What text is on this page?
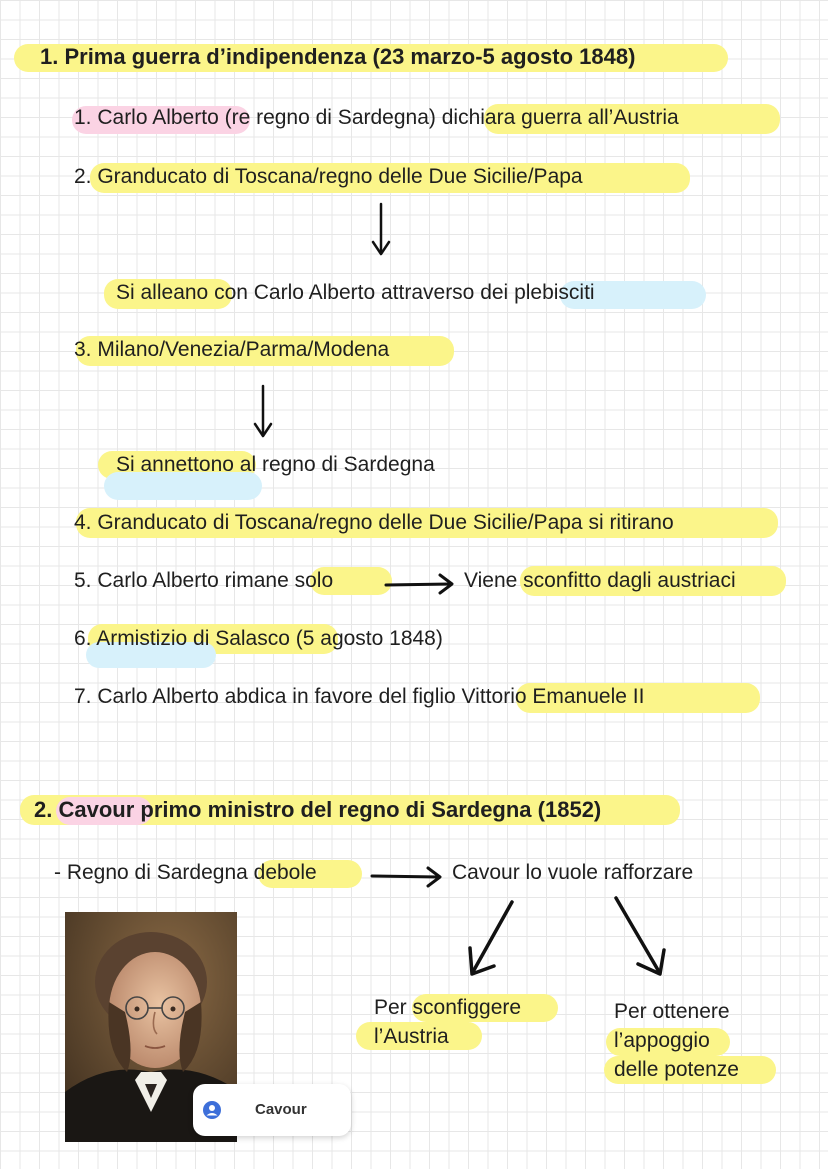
1. Prima guerra d’indipendenza (23 marzo-5 agosto 1848)
1. Carlo Alberto (re regno di Sardegna) dichiara guerra all’Austria
2. Granducato di Toscana/regno delle Due Sicilie/Papa
Si alleano con Carlo Alberto attraverso dei plebisciti
3. Milano/Venezia/Parma/Modena
Si annettono al regno di Sardegna
4. Granducato di Toscana/regno delle Due Sicilie/Papa si ritirano
5. Carlo Alberto rimane solo	Viene sconfitto dagli austriaci
6. Armistizio di Salasco (5 agosto 1848)
7. Carlo Alberto abdica in favore del figlio Vittorio Emanuele II
2. Cavour primo ministro del regno di Sardegna (1852)
- Regno di Sardegna debole	Cavour lo vuole rafforzare
Per sconfiggere
l’Austria
Per ottenere
l’appoggio
delle potenze
Cavour
